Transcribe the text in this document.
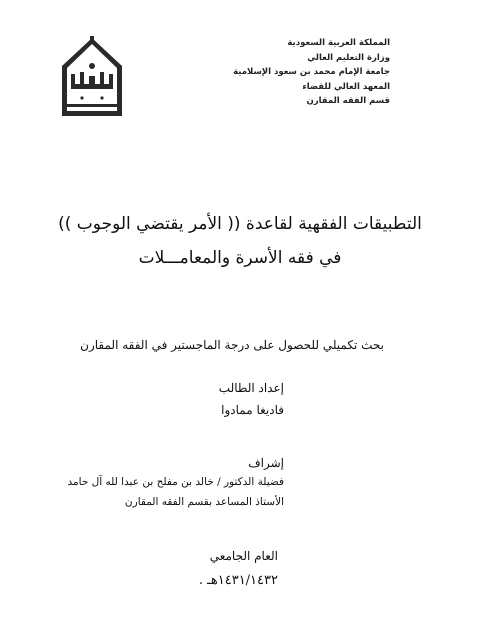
المملكة العربية السعودية
وزارة التعليم العالي
جامعة الإمام محمد بن سعود الإسلامية
المعهد العالي للقضاء
قسم الفقه المقارن
التطبيقات الفقهية لقاعدة (( الأمر يقتضي الوجوب ))
في فقه الأسرة والمعامـــلات
بحث تكميلي للحصول على درجة الماجستير في الفقه المقارن
إعداد الطالب
فاديغا ممادوا
إشراف
فضيلة الدكتور / خالد بن مفلح بن عبدا لله آل حامد
الأستاذ المساعد بقسم الفقه المقارن
العام الجامعي
١٤٣١/١٤٣٢هـ .
